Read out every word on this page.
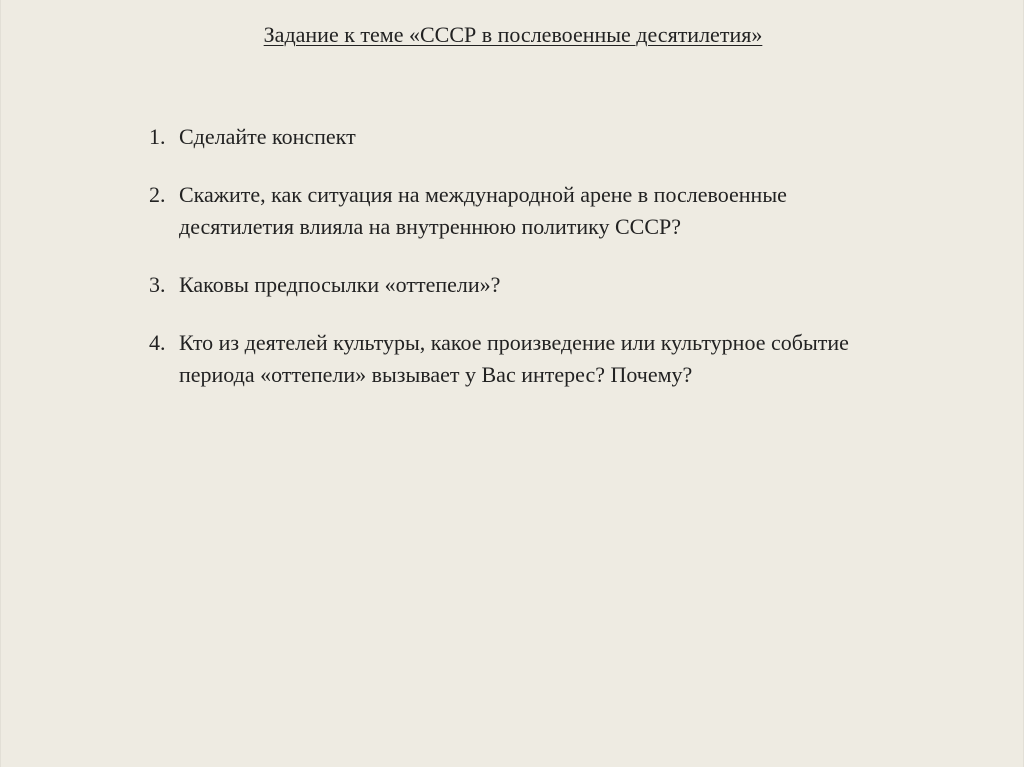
Задание к теме «СССР в послевоенные десятилетия»
1. Сделайте конспект
2. Скажите, как ситуация на международной арене в послевоенные
десятилетия влияла на внутреннюю политику СССР?
3. Каковы предпосылки «оттепели»?
4. Кто из деятелей культуры, какое произведение или культурное событие
периода «оттепели» вызывает у Вас интерес? Почему?
